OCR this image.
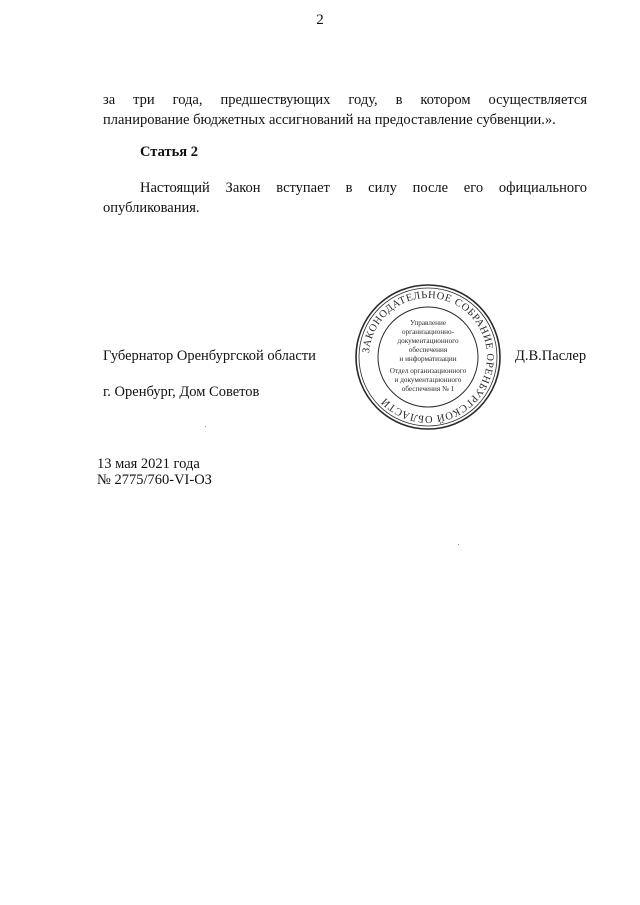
2
за три года, предшествующих году, в котором осуществляется
планирование бюджетных ассигнований на предоставление субвенции.».
Статья 2
Настоящий Закон вступает в силу после его официального
опубликования.
Губернатор Оренбургской области	Д.В.Паслер
г. Оренбург, Дом Советов
ЗАКОНОДАТЕЛЬНОЕ СОБРАНИЕ ОРЕНБУРГСКОЙ ОБЛАСТИ
Управление
организационно-
документационного
обеспечения
и информатизации
Отдел организационного
и документационного
обеспечения № 1
13 мая 2021 года
№ 2775/760-VI-ОЗ
